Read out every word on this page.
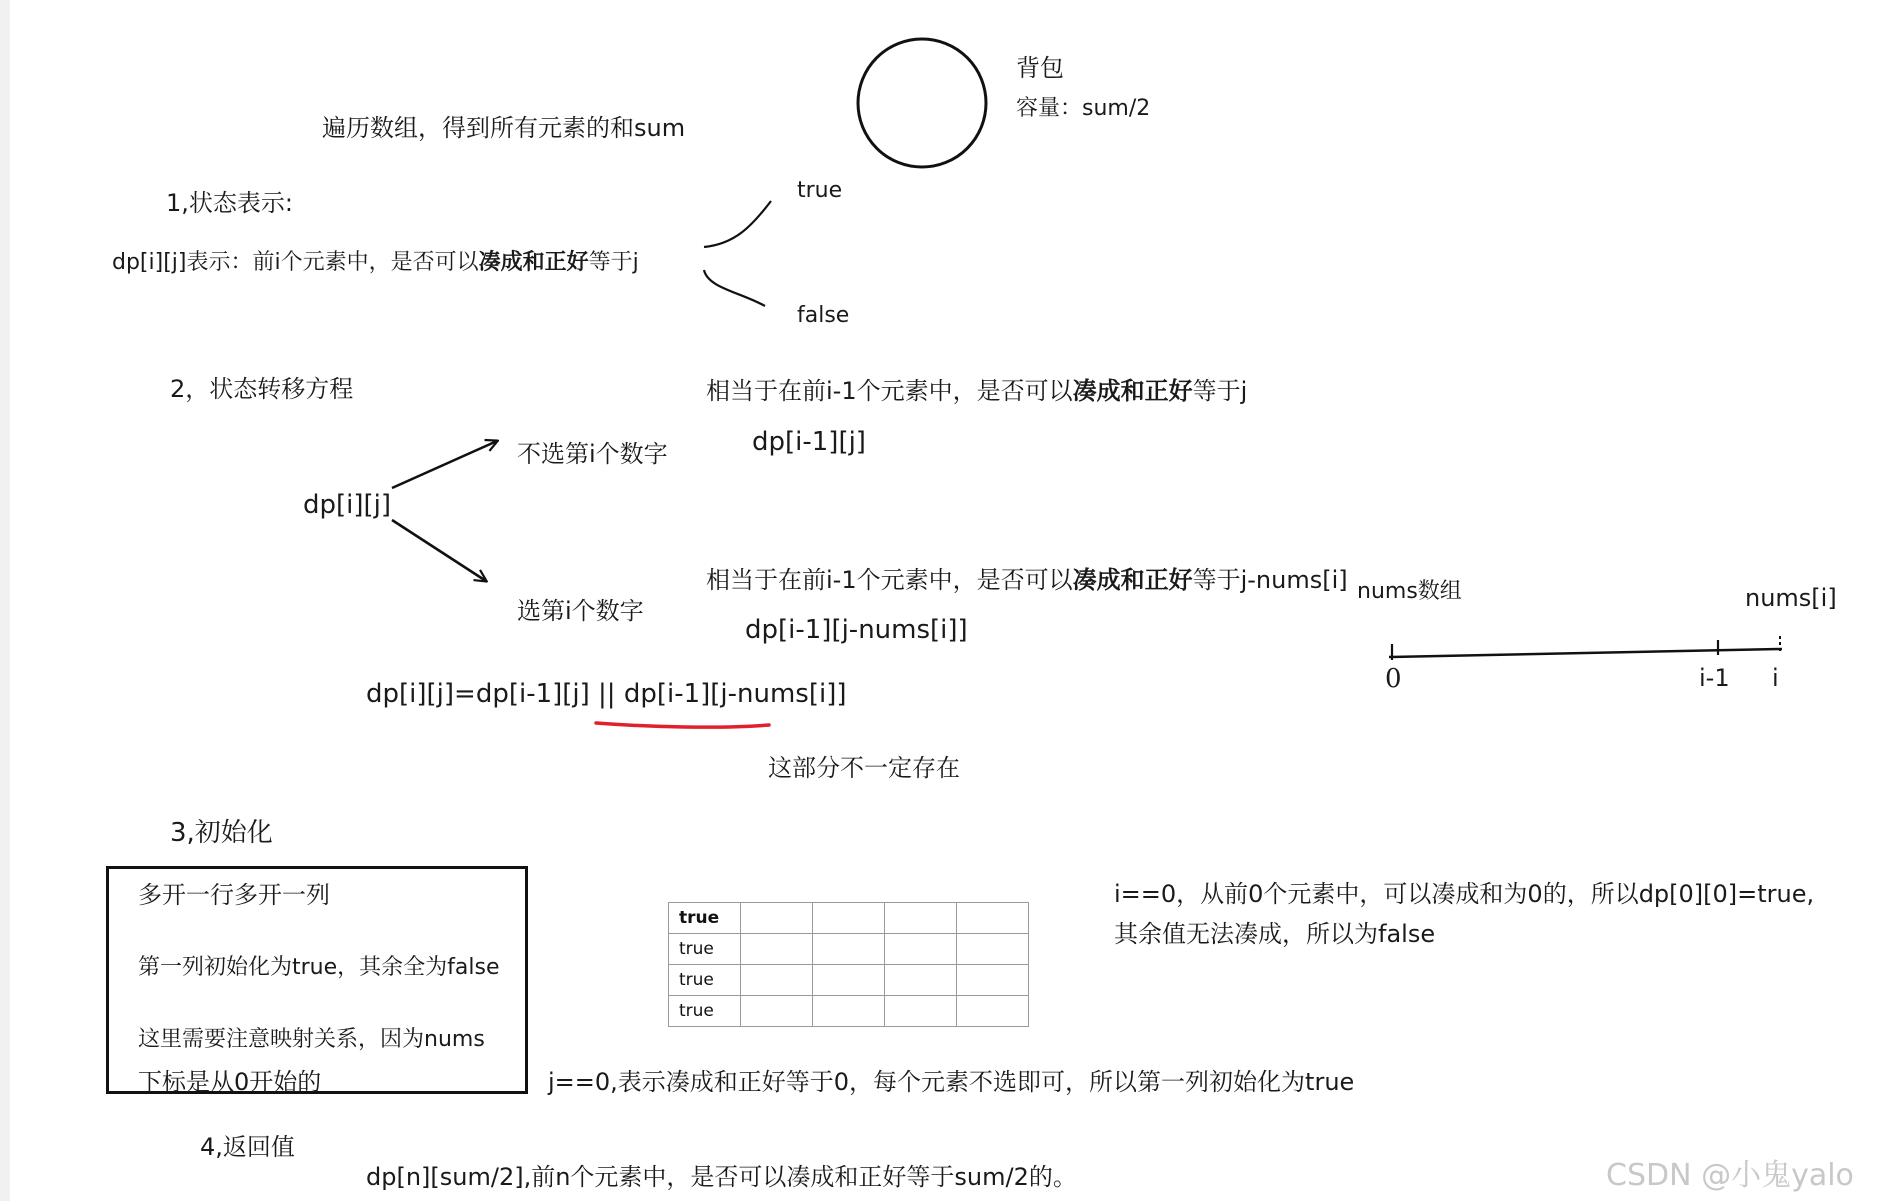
背包
容量：sum/2
遍历数组，得到所有元素的和sum
1,状态表示:
dp[i][j]表示：前i个元素中，是否可以凑成和正好等于j
true
false
2，状态转移方程
dp[i][j]
不选第i个数字
选第i个数字
相当于在前i-1个元素中，是否可以凑成和正好等于j
dp[i-1][j]
相当于在前i-1个元素中，是否可以凑成和正好等于j-nums[i]
dp[i-1][j-nums[i]]
dp[i][j]=dp[i-1][j] || dp[i-1][j-nums[i]]
这部分不一定存在
nums数组	nums[i]
0	i-1 i
3,初始化
多开一行多开一列
第一列初始化为true，其余全为false
这里需要注意映射关系，因为nums
下标是从0开始的
true				
true				
true				
true				
i==0，从前0个元素中，可以凑成和为0的，所以dp[0][0]=true,
其余值无法凑成，所以为false
j==0,表示凑成和正好等于0，每个元素不选即可，所以第一列初始化为true
4,返回值
dp[n][sum/2],前n个元素中，是否可以凑成和正好等于sum/2的。	CSDN @小鬼yalo
